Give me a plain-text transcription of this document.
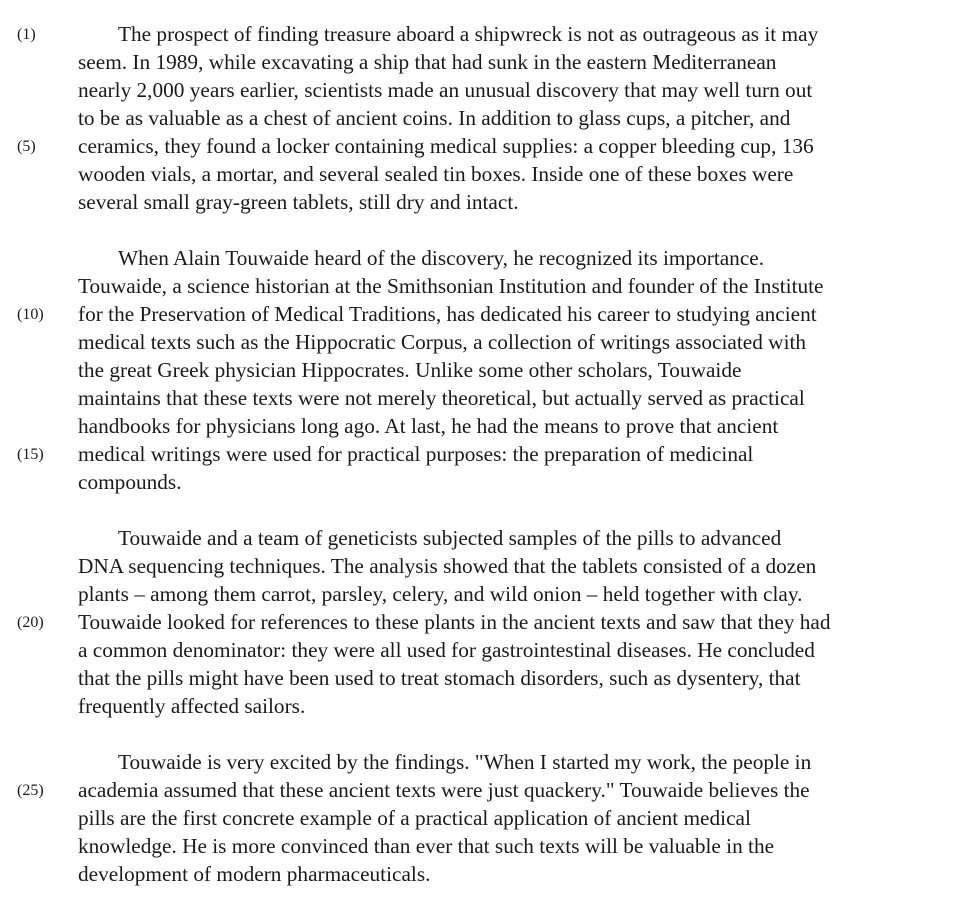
(1)	The prospect of finding treasure aboard a shipwreck is not as outrageous as it may
seem. In 1989, while excavating a ship that had sunk in the eastern Mediterranean
nearly 2,000 years earlier, scientists made an unusual discovery that may well turn out
to be as valuable as a chest of ancient coins. In addition to glass cups, a pitcher, and
(5) ceramics, they found a locker containing medical supplies: a copper bleeding cup, 136
wooden vials, a mortar, and several sealed tin boxes. Inside one of these boxes were
several small gray-green tablets, still dry and intact.
When Alain Touwaide heard of the discovery, he recognized its importance.
Touwaide, a science historian at the Smithsonian Institution and founder of the Institute
(10) for the Preservation of Medical Traditions, has dedicated his career to studying ancient
medical texts such as the Hippocratic Corpus, a collection of writings associated with
the great Greek physician Hippocrates. Unlike some other scholars, Touwaide
maintains that these texts were not merely theoretical, but actually served as practical
handbooks for physicians long ago. At last, he had the means to prove that ancient
(15) medical writings were used for practical purposes: the preparation of medicinal
compounds.
Touwaide and a team of geneticists subjected samples of the pills to advanced
DNA sequencing techniques. The analysis showed that the tablets consisted of a dozen
plants – among them carrot, parsley, celery, and wild onion – held together with clay.
(20) Touwaide looked for references to these plants in the ancient texts and saw that they had
a common denominator: they were all used for gastrointestinal diseases. He concluded
that the pills might have been used to treat stomach disorders, such as dysentery, that
frequently affected sailors.
Touwaide is very excited by the findings. "When I started my work, the people in
(25) academia assumed that these ancient texts were just quackery." Touwaide believes the
pills are the first concrete example of a practical application of ancient medical
knowledge. He is more convinced than ever that such texts will be valuable in the
development of modern pharmaceuticals.
